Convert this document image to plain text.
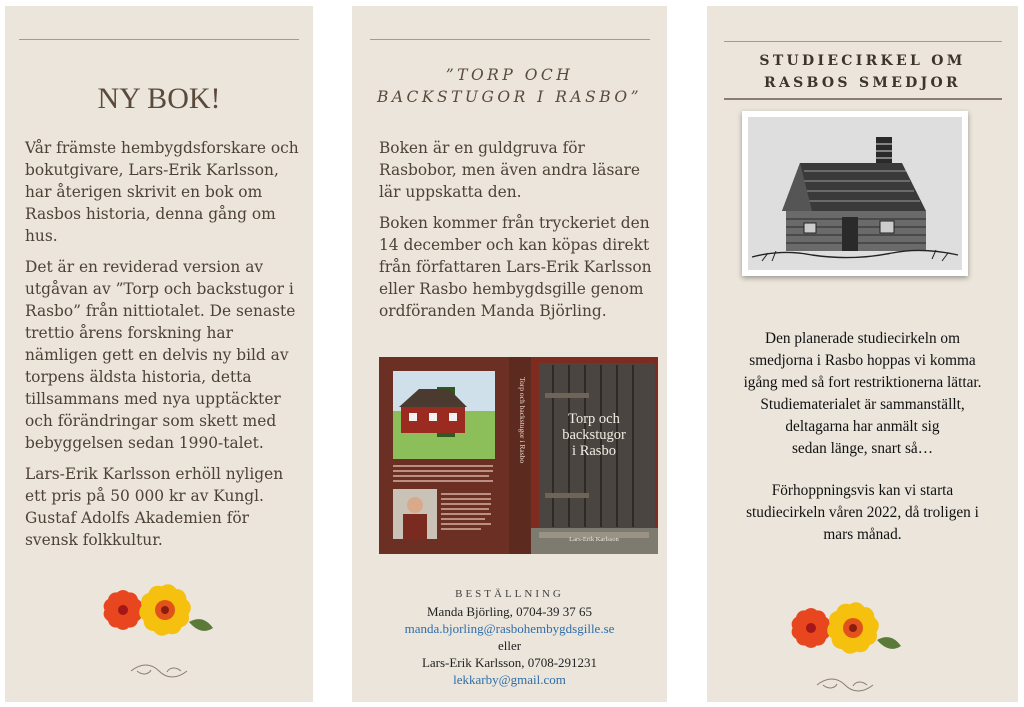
NY BOK!

Vår främste hembygdsforskare och bokutgivare, Lars-Erik Karlsson, har återigen skrivit en bok om Rasbos historia, denna gång om hus.

Det är en reviderad version av utgåvan av ”Torp och backstugor i Rasbo” från nittiotalet. De senaste trettio årens forskning har nämligen gett en delvis ny bild av torpens äldsta historia, detta tillsammans med nya upptäckter och förändringar som skett med bebyggelsen sedan 1990-talet.

Lars-Erik Karlsson erhöll nyligen ett pris på 50 000 kr av Kungl. Gustaf Adolfs Akademien för svensk folkkultur.

”TORP OCH
BACKSTUGOR I RASBO”

Boken är en guldgruva för Rasbobor, men även andra läsare lär uppskatta den.

Boken kommer från tryckeriet den 14 december och kan köpas direkt från författaren Lars-Erik Karlsson eller Rasbo hembygdsgille genom ordföranden Manda Björling.

Torp och backstugor i Rasbo	Torp och
backstugor
i Rasbo
Lars-Erik Karlsson
BESTÄLLNING
Manda Björling, 0704-39 37 65
manda.bjorling@rasbohembygdsgille.se
eller
Lars-Erik Karlsson, 0708-291231
lekkarby@gmail.com
STUDIECIRKEL OM
RASBOS SMEDJOR

Den planerade studiecirkeln om
smedjorna i Rasbo hoppas vi komma
igång med så fort restriktionerna lättar.
Studiematerialet är sammanställt,
deltagarna har anmält sig
sedan länge, snart så…

Förhoppningsvis kan vi starta
studiecirkeln våren 2022, då troligen i
mars månad.
